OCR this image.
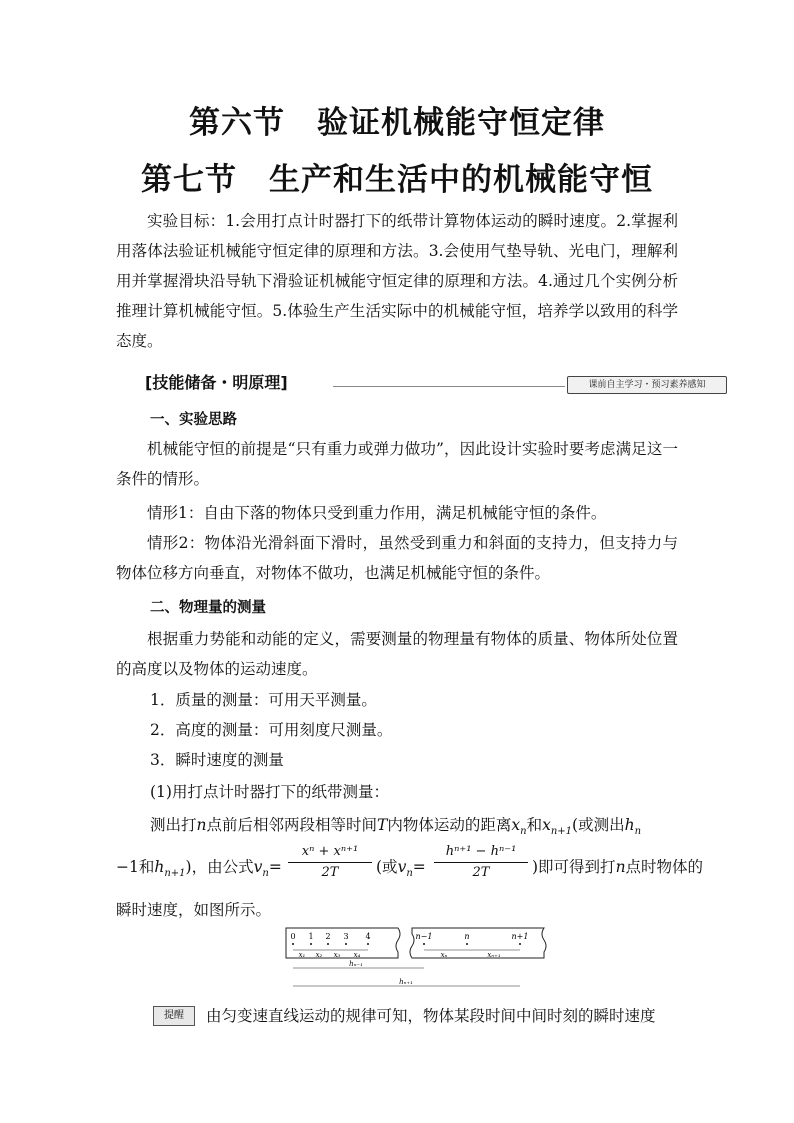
第六节　验证机械能守恒定律
第七节　生产和生活中的机械能守恒
实验目标：1.会用打点计时器打下的纸带计算物体运动的瞬时速度。2.掌握利用落体法验证机械能守恒定律的原理和方法。3.会使用气垫导轨、光电门，理解利用并掌握滑块沿导轨下滑验证机械能守恒定律的原理和方法。4.通过几个实例分析推理计算机械能守恒。5.体验生产生活实际中的机械能守恒，培养学以致用的科学态度。
[技能储备・明原理]	课前自主学习・预习素养感知
一、实验思路
机械能守恒的前提是“只有重力或弹力做功”，因此设计实验时要考虑满足这一条件的情形。
情形1：自由下落的物体只受到重力作用，满足机械能守恒的条件。
情形2：物体沿光滑斜面下滑时，虽然受到重力和斜面的支持力，但支持力与物体位移方向垂直，对物体不做功，也满足机械能守恒的条件。
二、物理量的测量
根据重力势能和动能的定义，需要测量的物理量有物体的质量、物体所处位置的高度以及物体的运动速度。
1．质量的测量：可用天平测量。
2．高度的测量：可用刻度尺测量。
3．瞬时速度的测量
(1)用打点计时器打下的纸带测量：
测出打n点前后相邻两段相等时间T内物体运动的距离$x_n$和$x_{n+1}$(或测出$h_n$
−1和$h_{n+1}$)，由公式$v_n=$
xⁿ + xⁿ⁺¹
2T	(或$v_n=$
hⁿ⁺¹ − hⁿ⁻¹
2T	)即可得到打n点时物体的
瞬时速度，如图所示。
0 1 2 3 4
x₁ x₂ x₃ x₄
n−1	n	n+1
xₙ	xₙ₊₁
hₙ₋₁
hₙ₊₁
提醒	由匀变速直线运动的规律可知，物体某段时间中间时刻的瞬时速度
